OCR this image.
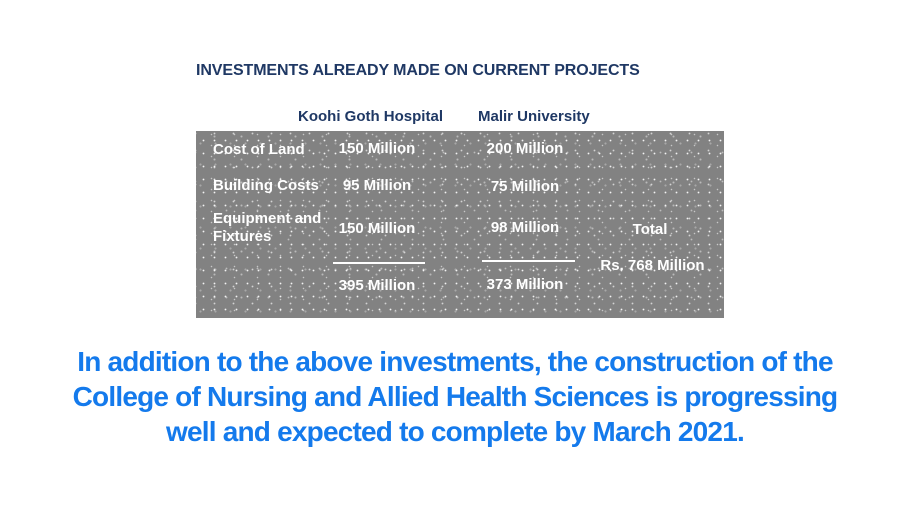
INVESTMENTS ALREADY MADE ON CURRENT PROJECTS
Koohi Goth Hospital Malir University
Cost of Land
Building Costs
Equipment and Fixtures
150 Million
95 Million
150 Million
395 Million
200 Million
75 Million
98 Million
373 Million
Total
Rs. 768 Million
In addition to the above investments, the construction of the
College of Nursing and Allied Health Sciences is progressing
well and expected to complete by March 2021.
